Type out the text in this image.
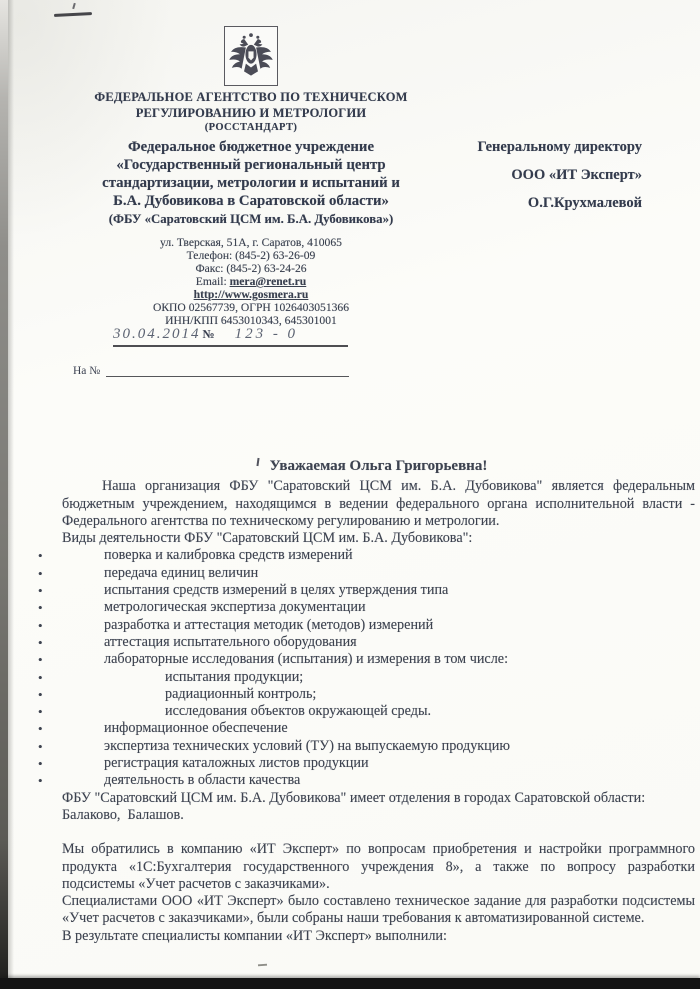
ФЕДЕРАЛЬНОЕ АГЕНТСТВО ПО ТЕХНИЧЕСКОМ
РЕГУЛИРОВАНИЮ И МЕТРОЛОГИИ
(РОССТАНДАРТ)
Федеральное бюджетное учреждение
«Государственный региональный центр
стандартизации, метрологии и испытаний и
Б.А. Дубовикова в Саратовской области»
(ФБУ «Саратовский ЦСМ им. Б.А. Дубовикова»)
ул. Тверская, 51А, г. Саратов, 410065
Телефон: (845-2) 63-26-09
Факс: (845-2) 63-24-26
Email: mera@renet.ru
http://www.gosmera.ru
ОКПО 02567739, ОГРН 1026403051366
ИНН/КПП 6453010343, 645301001
30.04.2014 № 123 - 0
На №
Генеральному директору
ООО «ИТ Эксперт»
О.Г.Крухмалевой
Уважаемая Ольга Григорьевна!

Наша организация ФБУ "Саратовский ЦСМ им. Б.А. Дубовикова" является федеральным бюджетным учреждением, находящимся в ведении федерального органа исполнительной власти - Федерального агентства по техническому регулированию и метрологии.

Виды деятельности ФБУ "Саратовский ЦСМ им. Б.А. Дубовикова":
•	поверка и калибровка средств измерений
•	передача единиц величин
•	испытания средств измерений в целях утверждения типа
•	метрологическая экспертиза документации
•	разработка и аттестация методик (методов) измерений
•	аттестация испытательного оборудования
•	лабораторные исследования (испытания) и измерения в том числе:
•	испытания продукции;
•	радиационный контроль;
•	исследования объектов окружающей среды.
•	информационное обеспечение
•	экспертиза технических условий (ТУ) на выпускаемую продукцию
•	регистрация каталожных листов продукции
•	деятельность в области качества
ФБУ "Саратовский ЦСМ им. Б.А. Дубовикова" имеет отделения в городах Саратовской области:
Балаково,  Балашов.

Мы обратились в компанию «ИТ Эксперт» по вопросам приобретения и настройки программного продукта «1С:Бухгалтерия государственного учреждения 8», а также по вопросу разработки подсистемы «Учет расчетов с заказчиками».

Специалистами ООО «ИТ Эксперт» было составлено техническое задание для разработки подсистемы «Учет расчетов с заказчиками», были собраны наши требования к автоматизированной системе.

В результате специалисты компании «ИТ Эксперт» выполнили:
